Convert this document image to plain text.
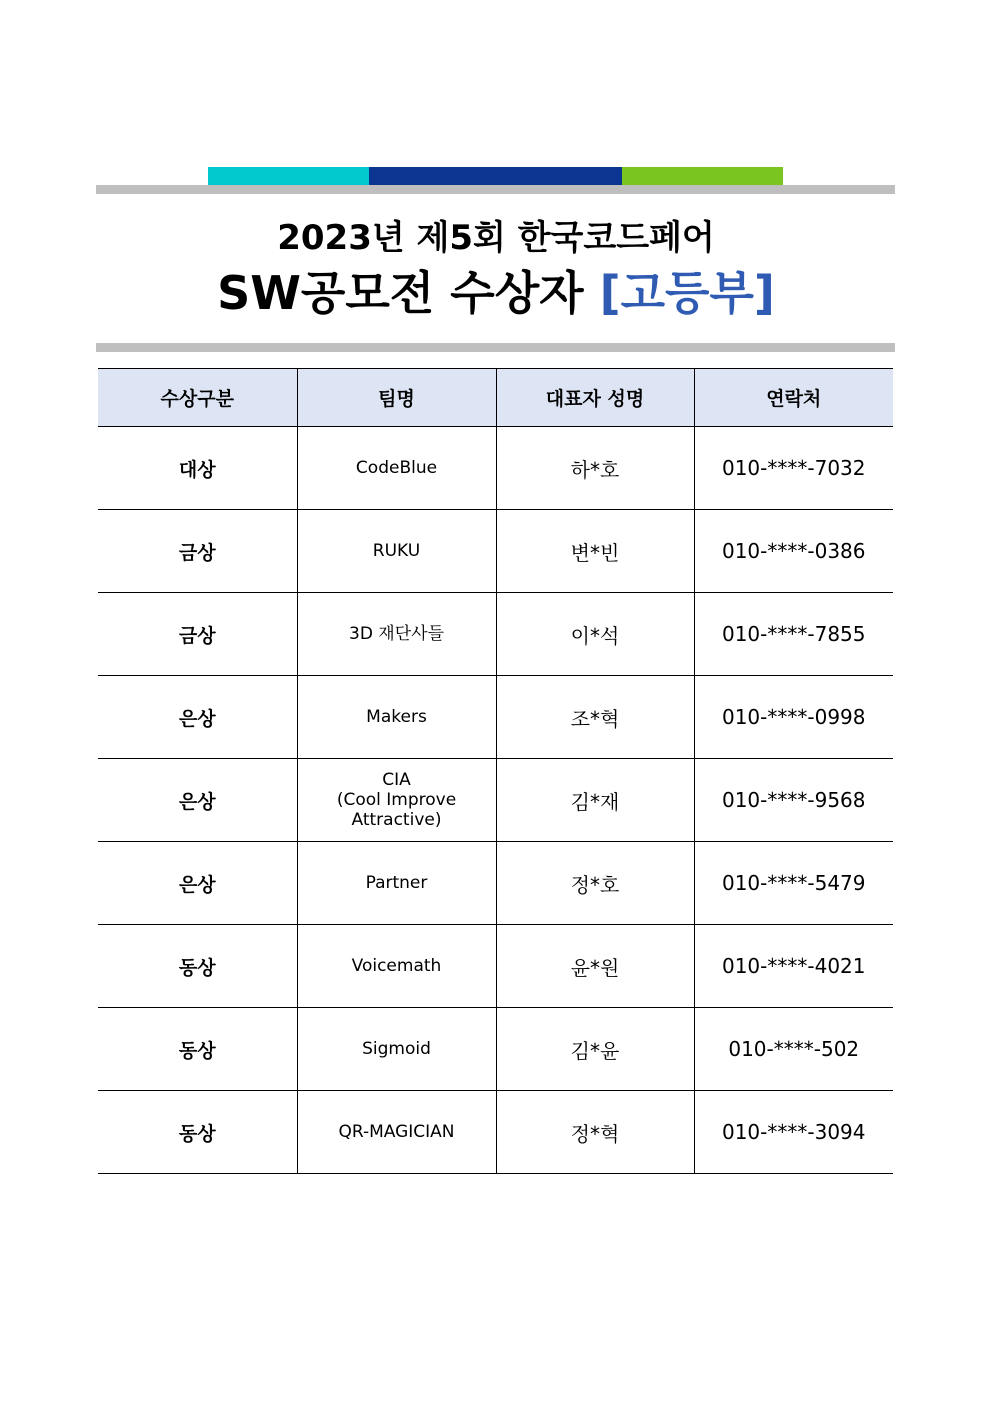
2023년 제5회 한국코드페어
SW공모전 수상자 [고등부]
수상구분	팀명	대표자 성명	연락처
대상	CodeBlue	하*호	010-****-7032
금상	RUKU	변*빈	010-****-0386
금상	3D 재단사들	이*석	010-****-7855
은상	Makers	조*혁	010-****-0998
은상	CIA
(Cool Improve
Attractive)	김*재	010-****-9568
은상	Partner	정*호	010-****-5479
동상	Voicemath	윤*원	010-****-4021
동상	Sigmoid	김*윤	010-****-502
동상	QR-MAGICIAN	정*혁	010-****-3094
